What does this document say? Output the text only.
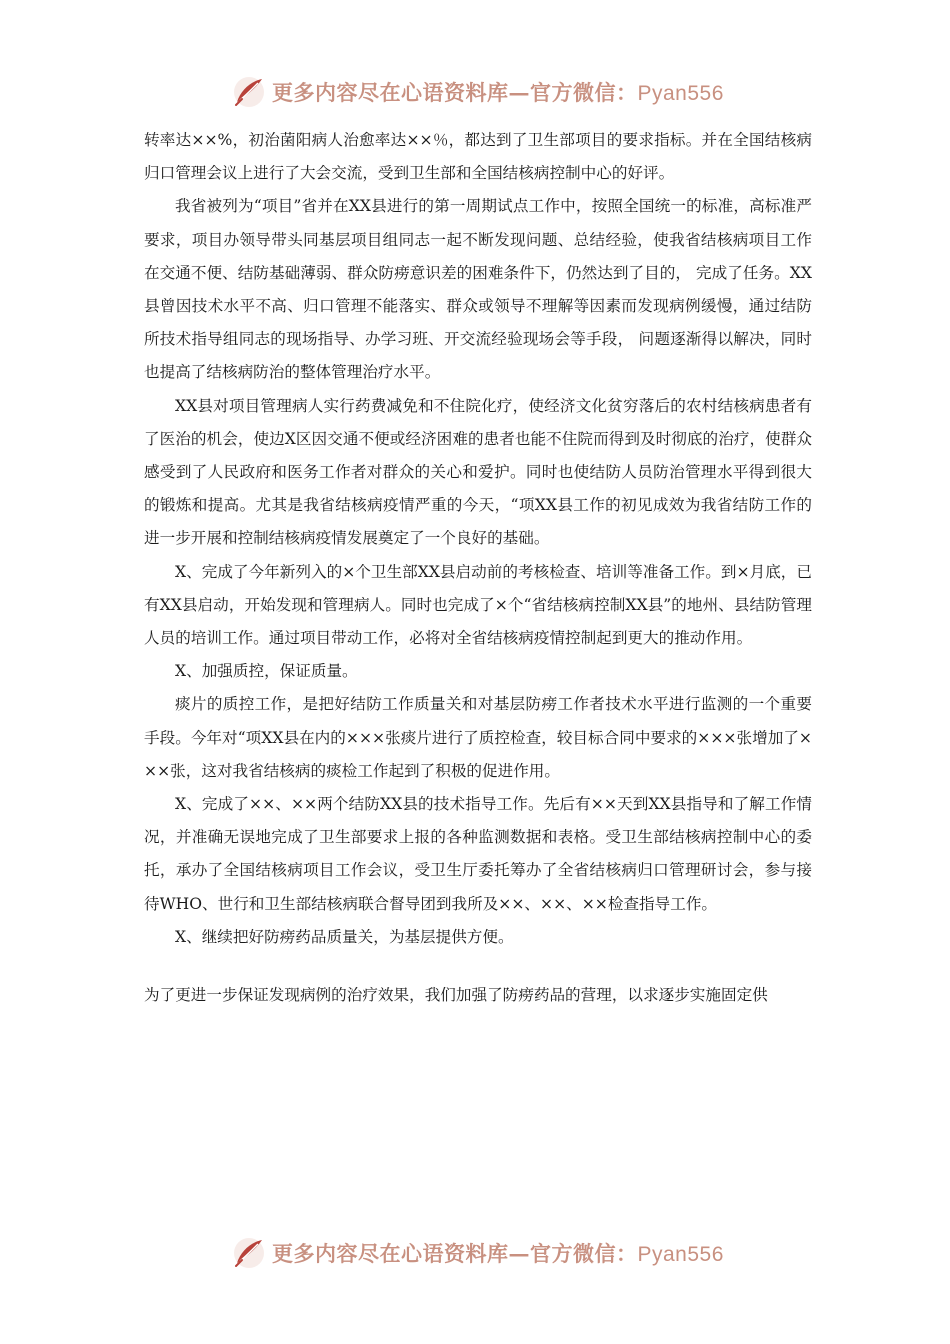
更多内容尽在心语资料库—官方微信：Pyan556

转率达××%，初治菌阳病人治愈率达××％，都达到了卫生部项目的要求指标。并在全国结核病归口管理会议上进行了大会交流，受到卫生部和全国结核病控制中心的好评。

我省被列为“项目”省并在XX县进行的第一周期试点工作中，按照全国统一的标准，高标准严要求，项目办领导带头同基层项目组同志一起不断发现问题、总结经验，使我省结核病项目工作在交通不便、结防基础薄弱、群众防痨意识差的困难条件下，仍然达到了目的， 完成了任务。XX县曾因技术水平不高、归口管理不能落实、群众或领导不理解等因素而发现病例缓慢，通过结防所技术指导组同志的现场指导、办学习班、开交流经验现场会等手段， 问题逐渐得以解决，同时也提高了结核病防治的整体管理治疗水平。

XX县对项目管理病人实行药费减免和不住院化疗，使经济文化贫穷落后的农村结核病患者有了医治的机会，使边X区因交通不便或经济困难的患者也能不住院而得到及时彻底的治疗，使群众感受到了人民政府和医务工作者对群众的关心和爱护。同时也使结防人员防治管理水平得到很大的锻炼和提高。尤其是我省结核病疫情严重的今天，“项XX县工作的初见成效为我省结防工作的进一步开展和控制结核病疫情发展奠定了一个良好的基础。

X、完成了今年新列入的×个卫生部XX县启动前的考核检查、培训等准备工作。到×月底，已有XX县启动，开始发现和管理病人。同时也完成了×个“省结核病控制XX县”的地州、县结防管理人员的培训工作。通过项目带动工作，必将对全省结核病疫情控制起到更大的推动作用。

X、加强质控，保证质量。

痰片的质控工作，是把好结防工作质量关和对基层防痨工作者技术水平进行监测的一个重要手段。今年对“项XX县在内的×××张痰片进行了质控检查，较目标合同中要求的×××张增加了×××张，这对我省结核病的痰检工作起到了积极的促进作用。

X、完成了××、××两个结防XX县的技术指导工作。先后有××天到XX县指导和了解工作情况，并准确无误地完成了卫生部要求上报的各种监测数据和表格。受卫生部结核病控制中心的委托，承办了全国结核病项目工作会议，受卫生厅委托筹办了全省结核病归口管理研讨会，参与接待WHO、世行和卫生部结核病联合督导团到我所及××、××、××检查指导工作。

X、继续把好防痨药品质量关，为基层提供方便。

为了更进一步保证发现病例的治疗效果，我们加强了防痨药品的营理，以求逐步实施固定供

更多内容尽在心语资料库—官方微信：Pyan556
